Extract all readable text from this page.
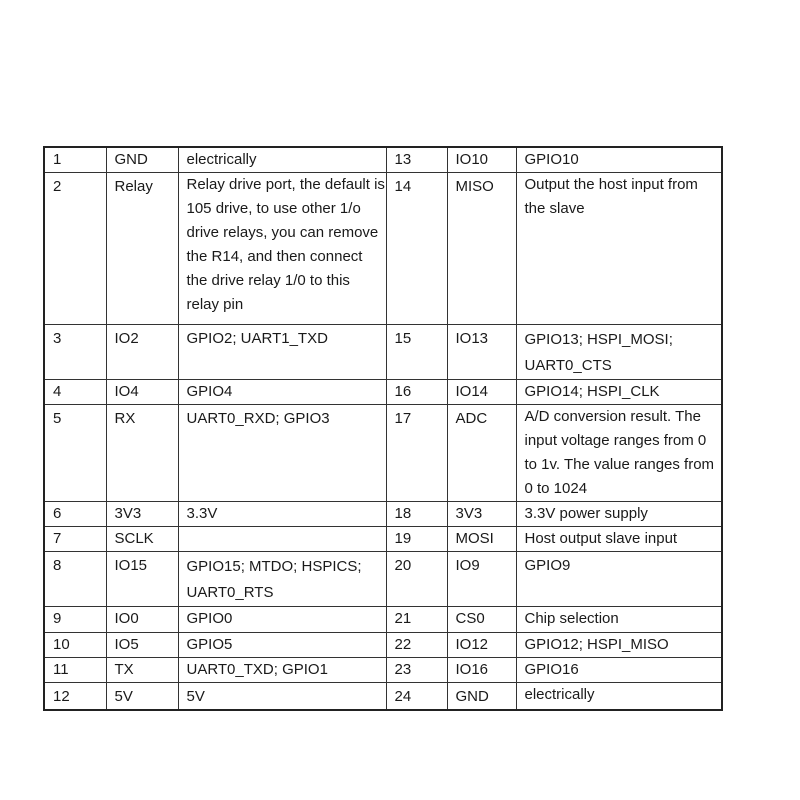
1	GND	electrically	13	IO10	GPIO10
2	Relay	Relay drive port, the default is 105 drive, to use other 1/o drive relays, you can remove the R14, and then connect the drive relay 1/0 to this relay pin	14	MISO	Output the host input from the slave
3	IO2	GPIO2; UART1_TXD	15	IO13	GPIO13; HSPI_MOSI; UART0_CTS
4	IO4	GPIO4	16	IO14	GPIO14; HSPI_CLK
5	RX	UART0_RXD; GPIO3	17	ADC	A/D conversion result. The input voltage ranges from 0 to 1v. The value ranges from 0 to 1024
6	3V3	3.3V	18	3V3	3.3V power supply
7	SCLK		19	MOSI	Host output slave input
8	IO15	GPIO15; MTDO; HSPICS; UART0_RTS	20	IO9	GPIO9
9	IO0	GPIO0	21	CS0	Chip selection
10	IO5	GPIO5	22	IO12	GPIO12; HSPI_MISO
11	TX	UART0_TXD; GPIO1	23	IO16	GPIO16
12	5V	5V	24	GND	electrically
